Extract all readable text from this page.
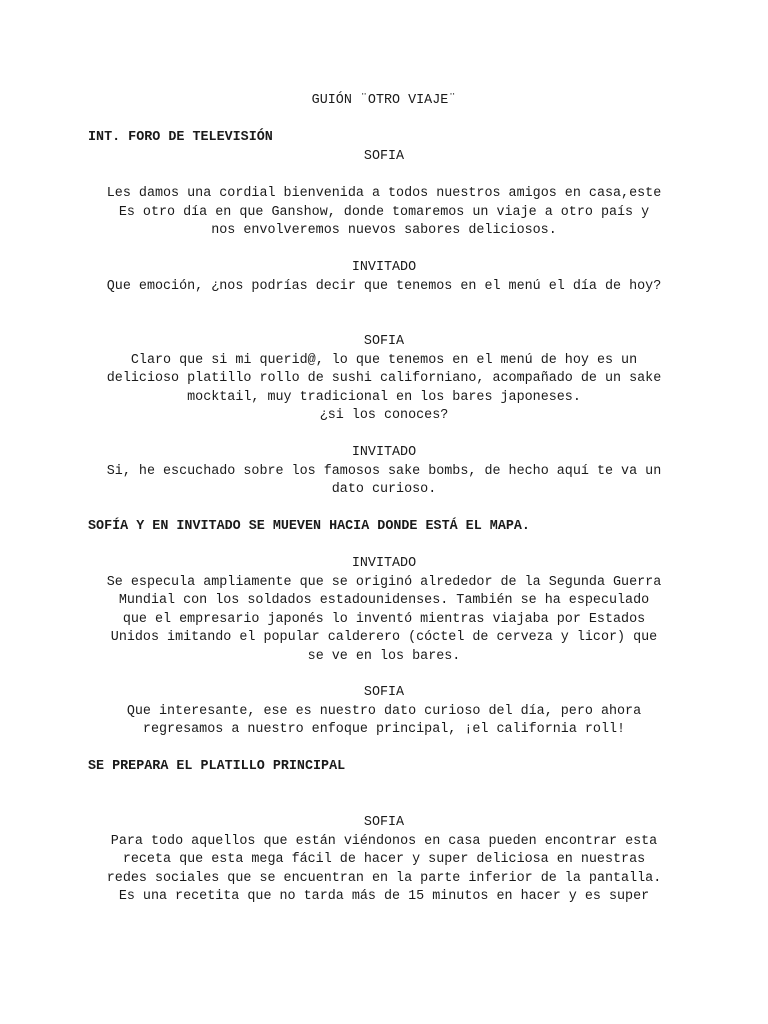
GUIÓN ¨OTRO VIAJE¨
INT. FORO DE TELEVISIÓN
SOFIA

Les damos una cordial bienvenida a todos nuestros amigos en casa,este
Es otro día en que Ganshow, donde tomaremos un viaje a otro país y
nos envolveremos nuevos sabores deliciosos.
INVITADO
Que emoción, ¿nos podrías decir que tenemos en el menú el día de hoy?
SOFIA
Claro que si mi querid@, lo que tenemos en el menú de hoy es un
delicioso platillo rollo de sushi californiano, acompañado de un sake
mocktail, muy tradicional en los bares japoneses.
¿si los conoces?
INVITADO
Si, he escuchado sobre los famosos sake bombs, de hecho aquí te va un
dato curioso.
SOFÍA Y EN INVITADO SE MUEVEN HACIA DONDE ESTÁ EL MAPA.
INVITADO
Se especula ampliamente que se originó alrededor de la Segunda Guerra
Mundial con los soldados estadounidenses. También se ha especulado
que el empresario japonés lo inventó mientras viajaba por Estados
Unidos imitando el popular calderero (cóctel de cerveza y licor) que
se ve en los bares.
SOFIA
Que interesante, ese es nuestro dato curioso del día, pero ahora
regresamos a nuestro enfoque principal, ¡el california roll!
SE PREPARA EL PLATILLO PRINCIPAL
SOFIA
Para todo aquellos que están viéndonos en casa pueden encontrar esta
receta que esta mega fácil de hacer y super deliciosa en nuestras
redes sociales que se encuentran en la parte inferior de la pantalla.
Es una recetita que no tarda más de 15 minutos en hacer y es super
